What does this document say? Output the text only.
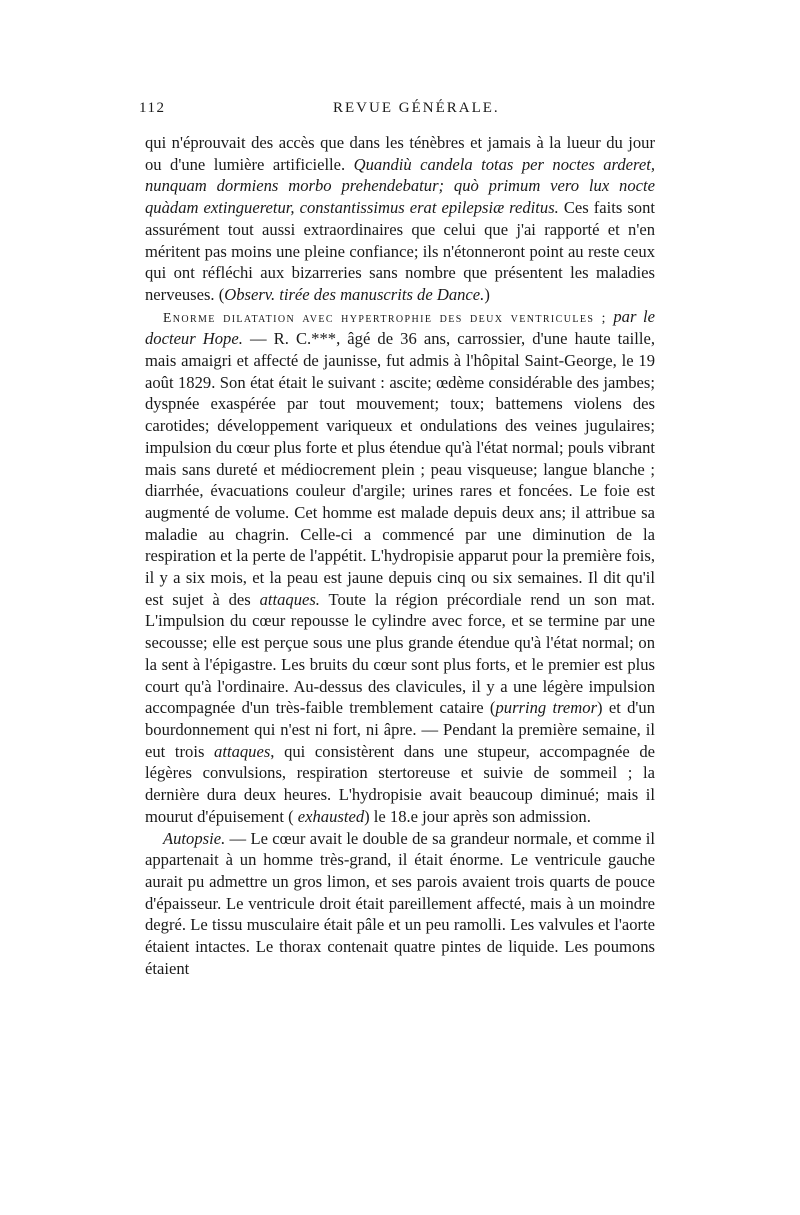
112	REVUE GÉNÉRALE.

qui n'éprouvait des accès que dans les ténèbres et jamais à la lueur du jour ou d'une lumière artificielle. Quandiù candela totas per noctes arderet, nunquam dormiens morbo prehendebatur; quò primum vero lux nocte quàdam extingueretur, constantissimus erat epilepsiæ reditus. Ces faits sont assurément tout aussi extraordinaires que celui que j'ai rapporté et n'en méritent pas moins une pleine confiance; ils n'étonneront point au reste ceux qui ont réfléchi aux bizarreries sans nombre que présentent les maladies nerveuses. (Observ. tirée des manuscrits de Dance.)

Enorme dilatation avec hypertrophie des deux ventricules ; par le docteur Hope. — R. C.***, âgé de 36 ans, carrossier, d'une haute taille, mais amaigri et affecté de jaunisse, fut admis à l'hôpital Saint-George, le 19 août 1829. Son état était le suivant : ascite; œdème considérable des jambes; dyspnée exaspérée par tout mouvement; toux; battemens violens des carotides; développement variqueux et ondulations des veines jugulaires; impulsion du cœur plus forte et plus étendue qu'à l'état normal; pouls vibrant mais sans dureté et médiocrement plein ; peau visqueuse; langue blanche ; diarrhée, évacuations couleur d'argile; urines rares et foncées. Le foie est augmenté de volume. Cet homme est malade depuis deux ans; il attribue sa maladie au chagrin. Celle-ci a commencé par une diminution de la respiration et la perte de l'appétit. L'hydropisie apparut pour la première fois, il y a six mois, et la peau est jaune depuis cinq ou six semaines. Il dit qu'il est sujet à des attaques. Toute la région précordiale rend un son mat. L'impulsion du cœur repousse le cylindre avec force, et se termine par une secousse; elle est perçue sous une plus grande étendue qu'à l'état normal; on la sent à l'épigastre. Les bruits du cœur sont plus forts, et le premier est plus court qu'à l'ordinaire. Au-dessus des clavicules, il y a une légère impulsion accompagnée d'un très-faible tremblement cataire (purring tremor) et d'un bourdonnement qui n'est ni fort, ni âpre. — Pendant la première semaine, il eut trois attaques, qui consistèrent dans une stupeur, accompagnée de légères convulsions, respiration stertoreuse et suivie de sommeil ; la dernière dura deux heures. L'hydropisie avait beaucoup diminué; mais il mourut d'épuisement ( exhausted) le 18.e jour après son admission.

Autopsie. — Le cœur avait le double de sa grandeur normale, et comme il appartenait à un homme très-grand, il était énorme. Le ventricule gauche aurait pu admettre un gros limon, et ses parois avaient trois quarts de pouce d'épaisseur. Le ventricule droit était pareillement affecté, mais à un moindre degré. Le tissu musculaire était pâle et un peu ramolli. Les valvules et l'aorte étaient intactes. Le thorax contenait quatre pintes de liquide. Les poumons étaient
